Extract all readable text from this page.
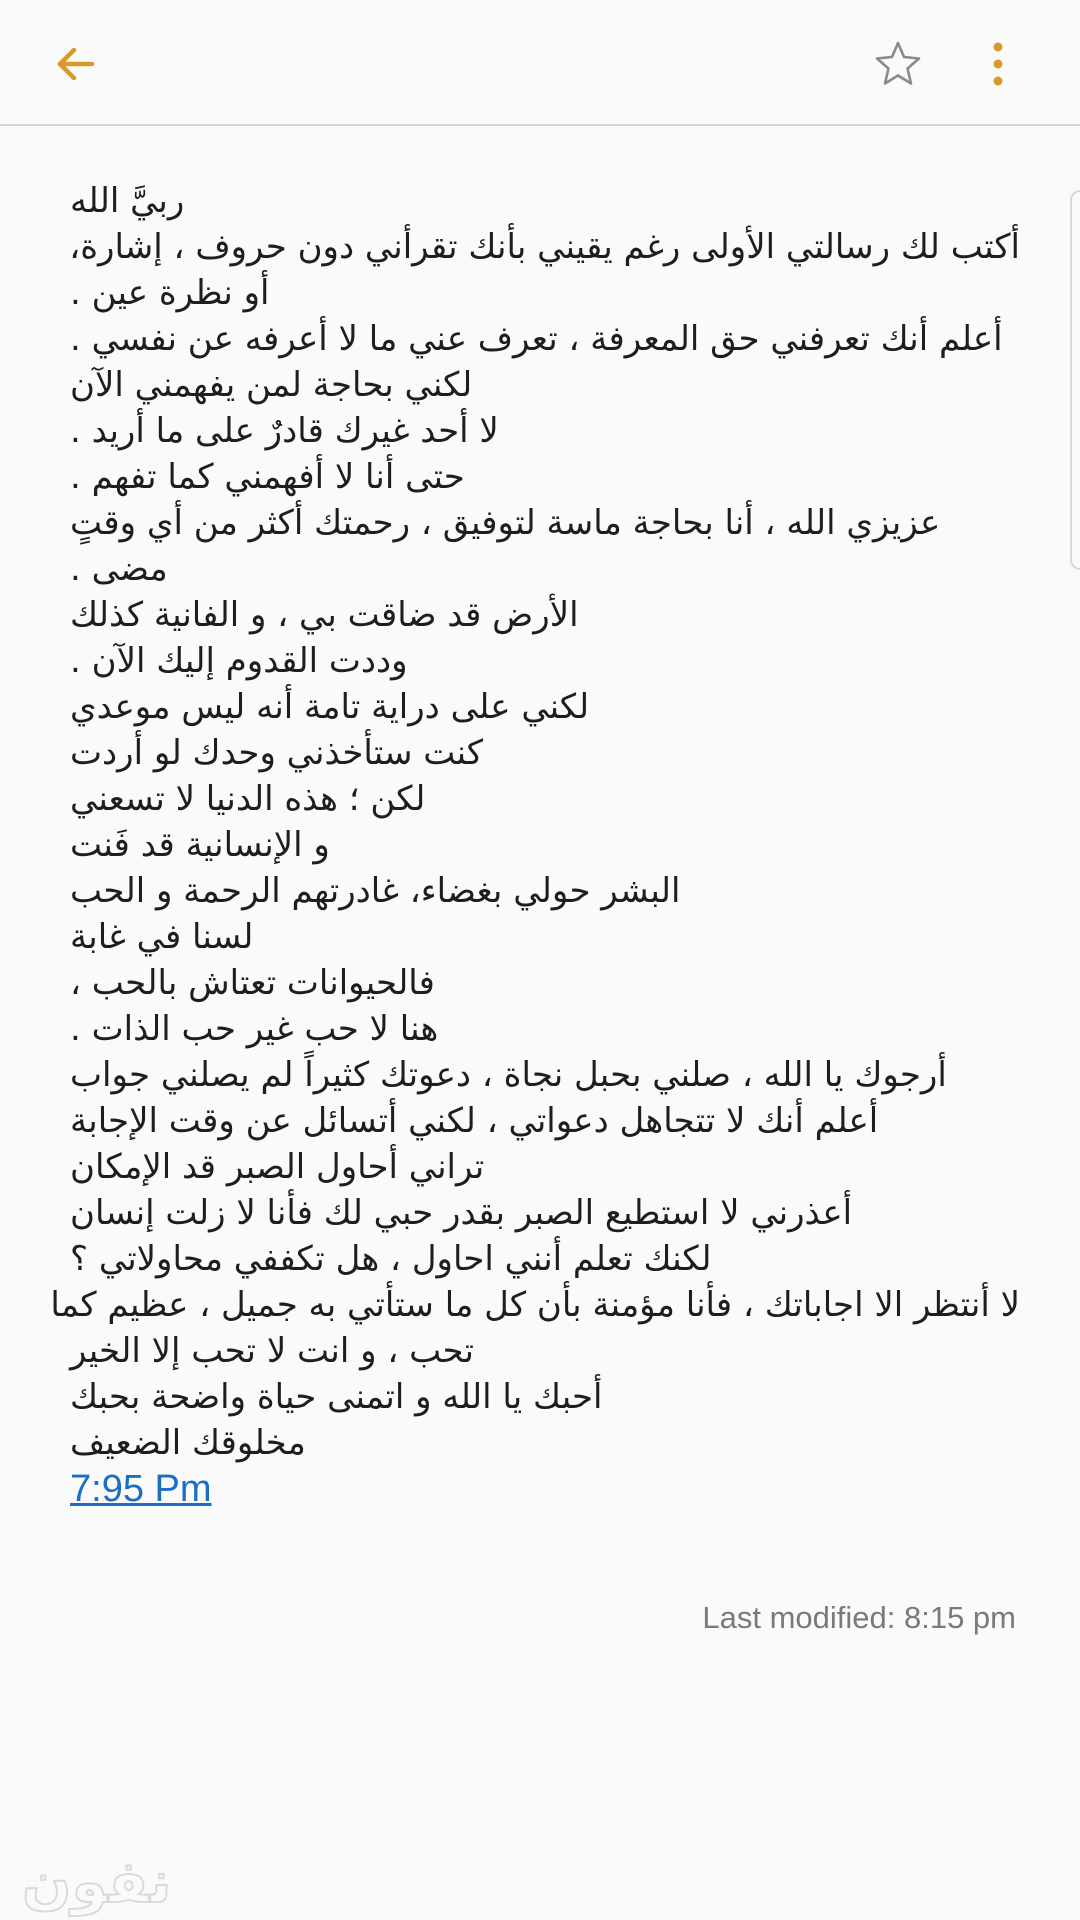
ربيَّ الله
أكتب لك رسالتي الأولى رغم يقيني بأنك تقرأني دون حروف ، إشارة،
أو نظرة عين .
أعلم أنك تعرفني حق المعرفة ، تعرف عني ما لا أعرفه عن نفسي .
لكني بحاجة لمن يفهمني الآن
لا أحد غيرك قادرٌ على ما أريد .
حتى أنا لا أفهمني كما تفهم .
عزيزي الله ، أنا بحاجة ماسة لتوفيق ، رحمتك أكثر من أي وقتٍ
مضى .
الأرض قد ضاقت بي ، و الفانية كذلك
وددت القدوم إليك الآن .
لكني على دراية تامة أنه ليس موعدي
كنت ستأخذني وحدك لو أردت
لكن ؛ هذه الدنيا لا تسعني
و الإنسانية قد فَنت
البشر حولي بغضاء، غادرتهم الرحمة و الحب
لسنا في غابة
فالحيوانات تعتاش بالحب ،
هنا لا حب غير حب الذات .
أرجوك يا الله ، صلني بحبل نجاة ، دعوتك كثيراً لم يصلني جواب
أعلم أنك لا تتجاهل دعواتي ، لكني أتسائل عن وقت الإجابة
تراني أحاول الصبر قد الإمكان
أعذرني لا استطيع الصبر بقدر حبي لك فأنا لا زلت إنسان
لكنك تعلم أنني احاول ، هل تكففي محاولاتي ؟
لا أنتظر الا اجاباتك ، فأنا مؤمنة بأن كل ما ستأتي به جميل ، عظيم كما
تحب ، و انت لا تحب إلا الخير
أحبك يا الله و اتمنى حياة واضحة بحبك
مخلوقك الضعيف
7:95 Pm
Last modified: 8:15 pm
نفون
